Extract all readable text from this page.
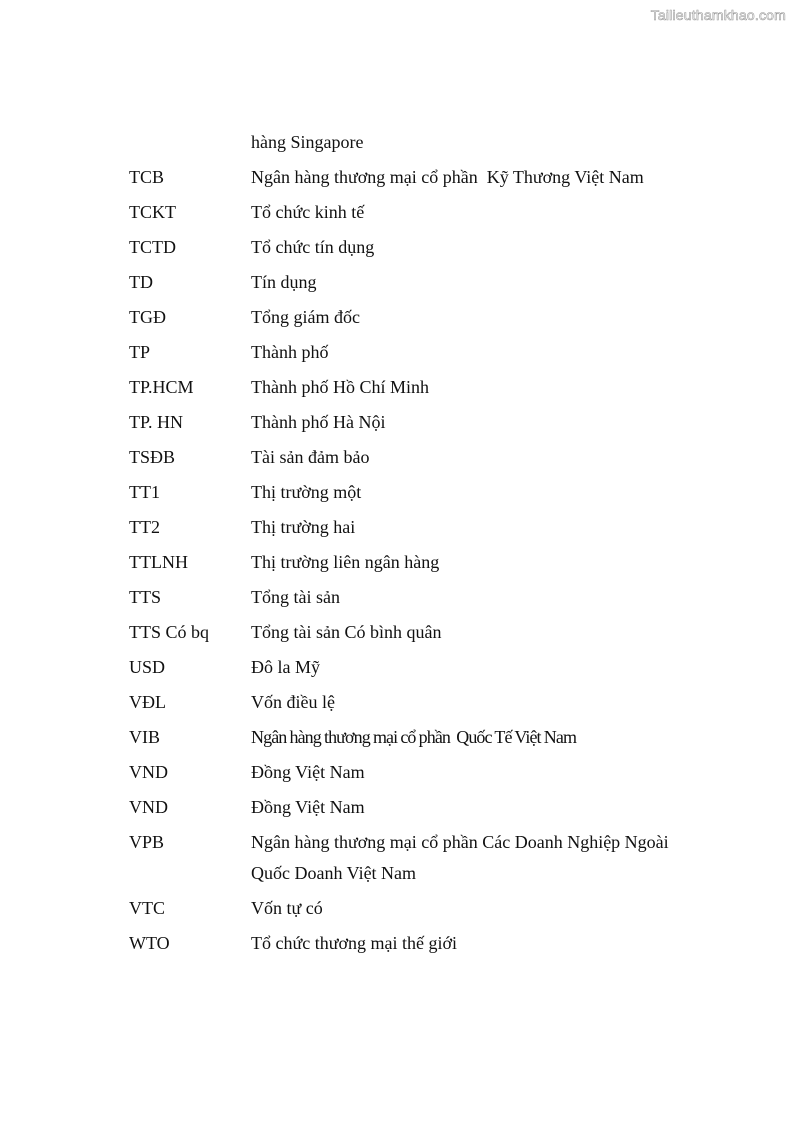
Tailieuthamkhao.com
hàng Singapore
TCB	Ngân hàng thương mại cổ phần  Kỹ Thương Việt Nam
TCKT	Tổ chức kinh tế
TCTD	Tổ chức tín dụng
TD	Tín dụng
TGĐ	Tổng giám đốc
TP	Thành phố
TP.HCM	Thành phố Hồ Chí Minh
TP. HN	Thành phố Hà Nội
TSĐB	Tài sản đảm bảo
TT1	Thị trường một
TT2	Thị trường hai
TTLNH	Thị trường liên ngân hàng
TTS	Tổng tài sản
TTS Có bq	Tổng tài sản Có bình quân
USD	Đô la Mỹ
VĐL	Vốn điều lệ
VIB	Ngân hàng thương mại cổ phần  Quốc Tế Việt Nam
VND	Đồng Việt Nam
VND	Đồng Việt Nam
VPB	Ngân hàng thương mại cổ phần Các Doanh Nghiệp Ngoài
Quốc Doanh Việt Nam
VTC	Vốn tự có
WTO	Tổ chức thương mại thế giới
